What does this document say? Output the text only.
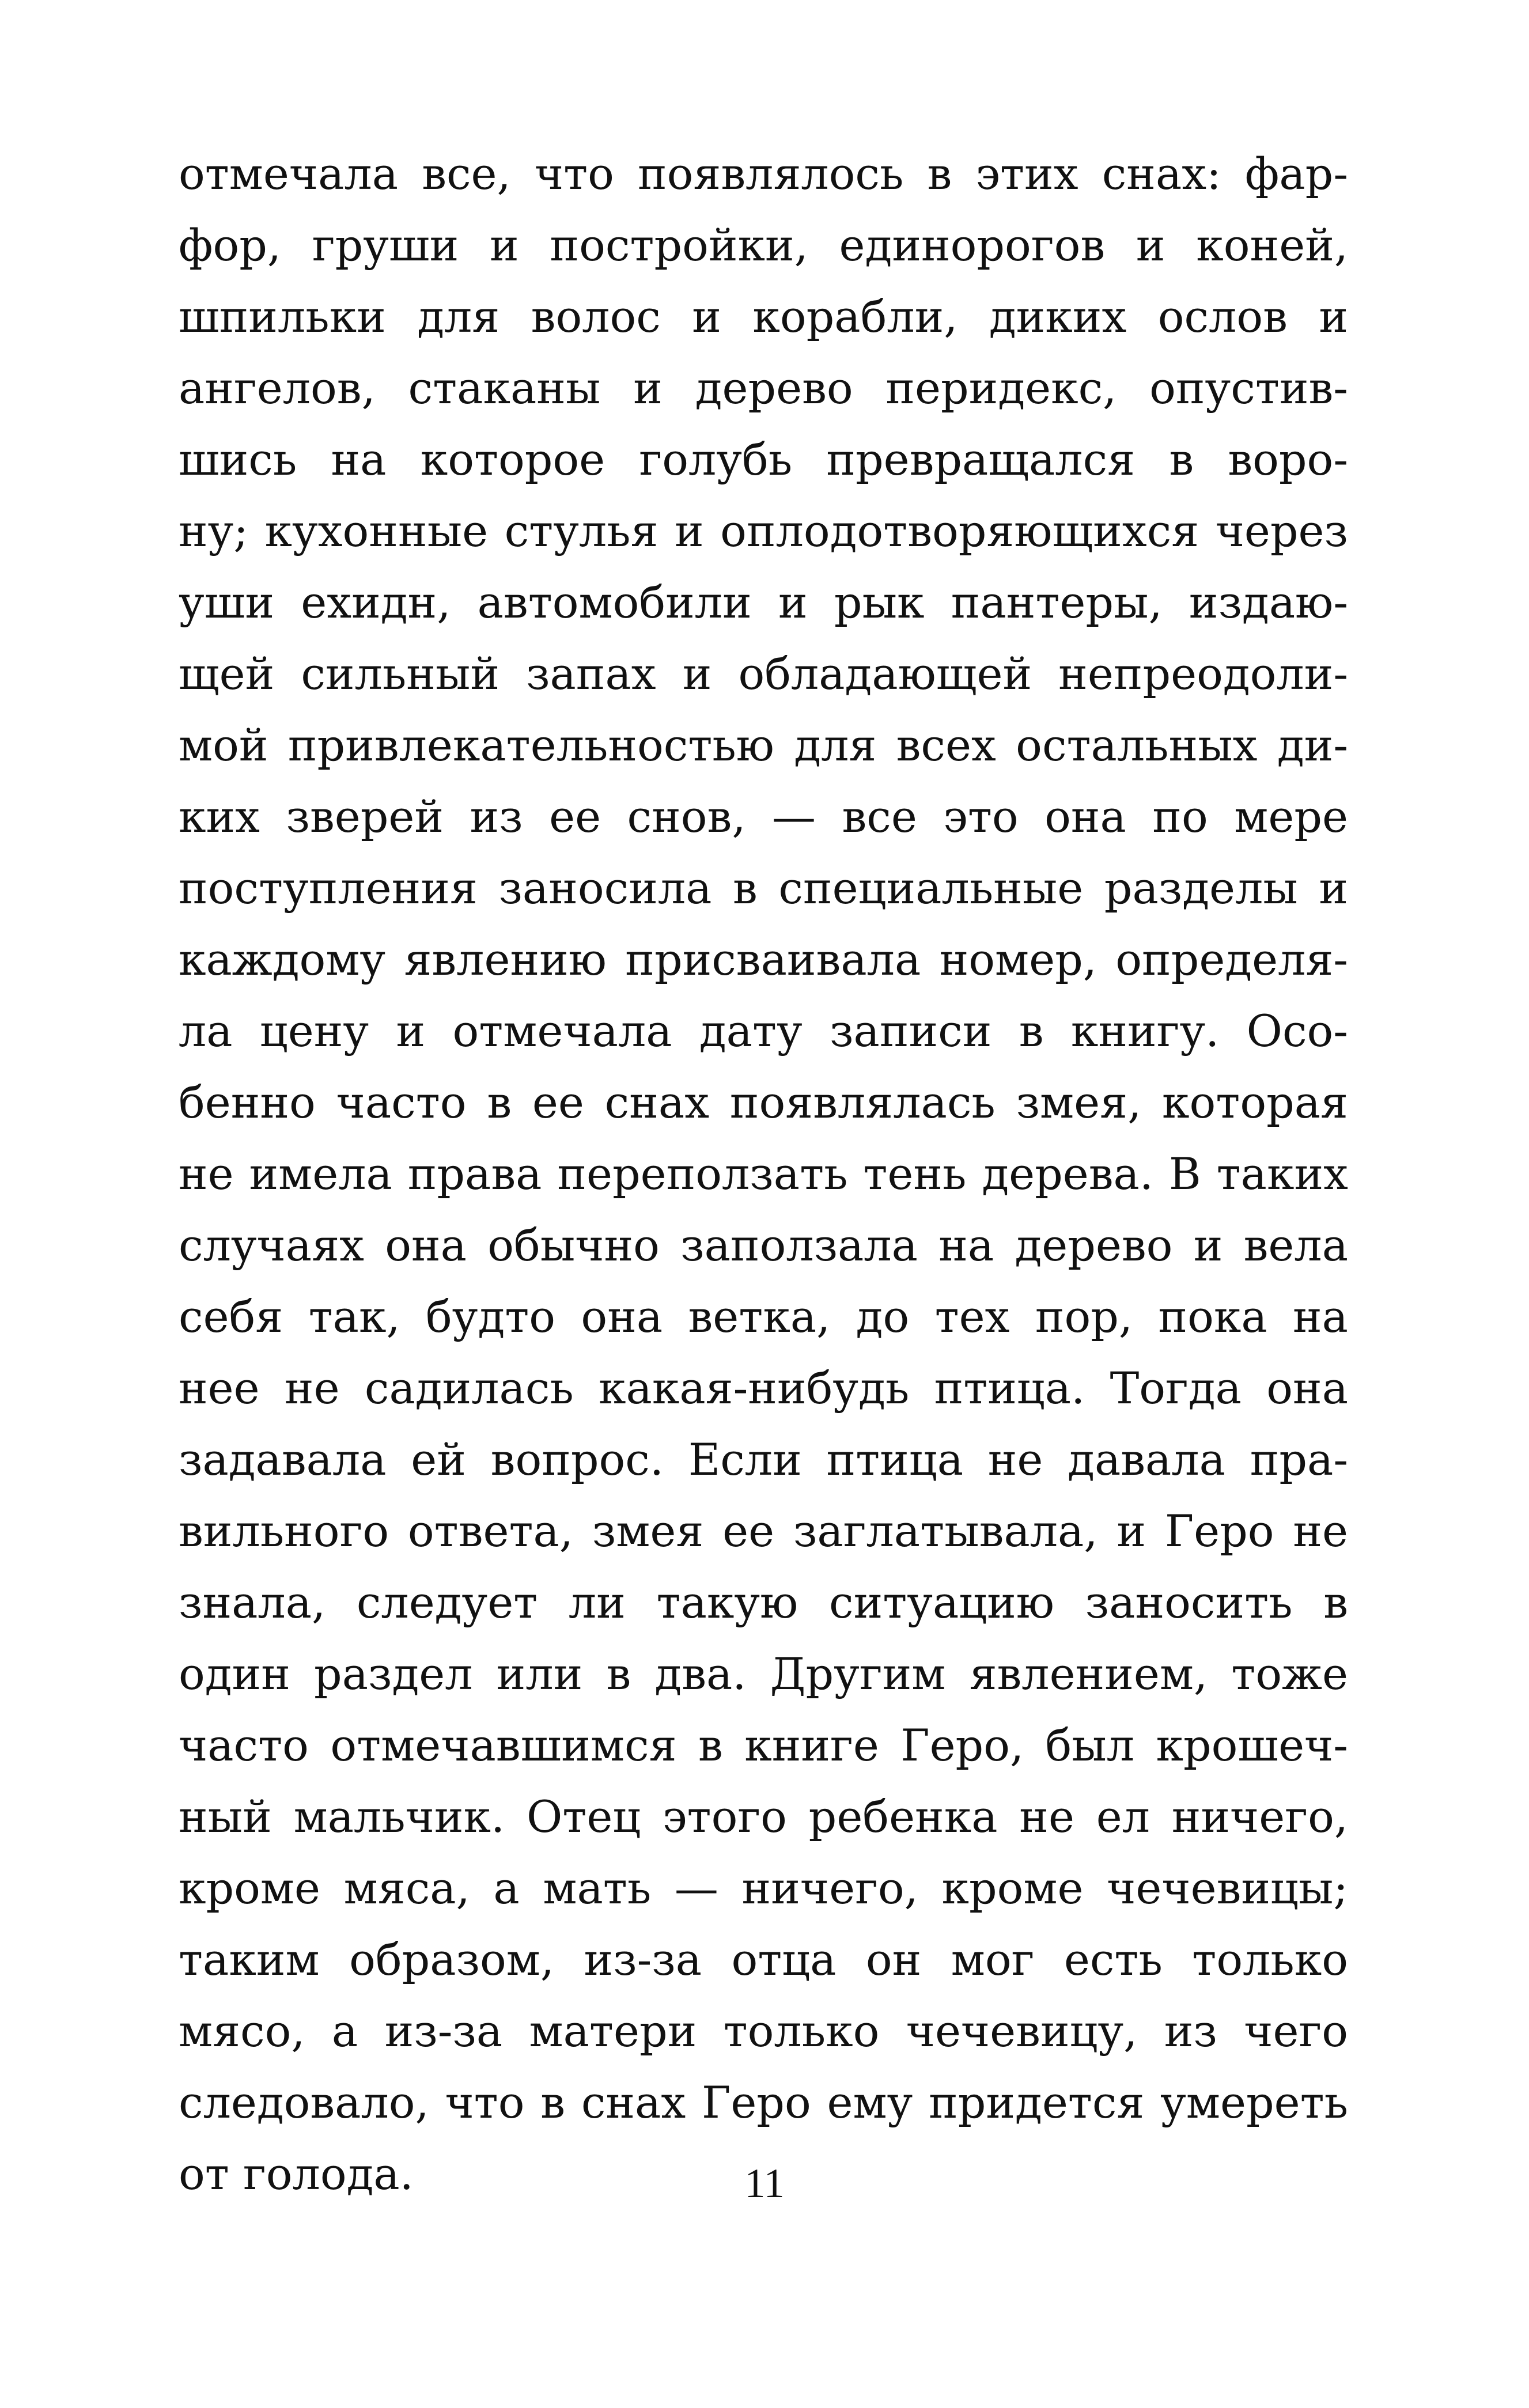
отмечала все, что появлялось в этих снах: фар-
фор, груши и постройки, единорогов и коней,
шпильки для волос и корабли, диких ослов и
ангелов, стаканы и дерево перидекс, опустив-
шись на которое голубь превращался в воро-
ну; кухонные стулья и оплодотворяющихся через
уши ехидн, автомобили и рык пантеры, издаю-
щей сильный запах и обладающей непреодоли-
мой привлекательностью для всех остальных ди-
ких зверей из ее снов, — все это она по мере
поступления заносила в специальные разделы и
каждому явлению присваивала номер, определя-
ла цену и отмечала дату записи в книгу. Осо-
бенно часто в ее снах появлялась змея, которая
не имела права переползать тень дерева. В таких
случаях она обычно заползала на дерево и вела
себя так, будто она ветка, до тех пор, пока на
нее не садилась какая-нибудь птица. Тогда она
задавала ей вопрос. Если птица не давала пра-
вильного ответа, змея ее заглатывала, и Геро не
знала, следует ли такую ситуацию заносить в
один раздел или в два. Другим явлением, тоже
часто отмечавшимся в книге Геро, был крошеч-
ный мальчик. Отец этого ребенка не ел ничего,
кроме мяса, а мать — ничего, кроме чечевицы;
таким образом, из-за отца он мог есть только
мясо, а из-за матери только чечевицу, из чего
следовало, что в снах Геро ему придется умереть
от голода.	11
